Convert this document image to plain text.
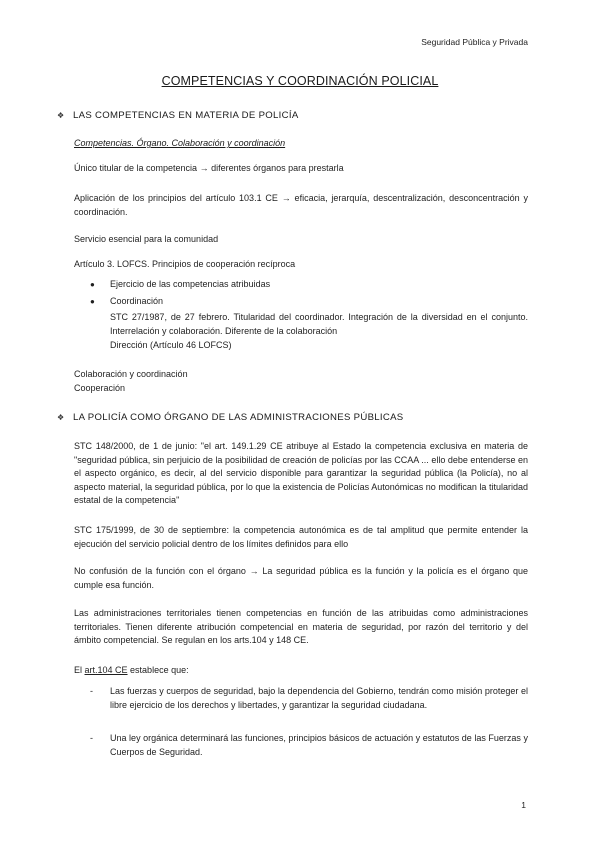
Seguridad Pública y Privada
COMPETENCIAS Y COORDINACIÓN POLICIAL
❖ LAS COMPETENCIAS EN MATERIA DE POLICÍA
Competencias. Órgano. Colaboración y coordinación
Único titular de la competencia → diferentes órganos para prestarla
Aplicación de los principios del artículo 103.1 CE → eficacia, jerarquía, descentralización, desconcentración y coordinación.
Servicio esencial para la comunidad
Artículo 3. LOFCS. Principios de cooperación recíproca
● Ejercicio de las competencias atribuidas
● Coordinación
STC 27/1987, de 27 febrero. Titularidad del coordinador. Integración de la diversidad en el conjunto. Interrelación y colaboración. Diferente de la colaboración
Dirección (Artículo 46 LOFCS)
Colaboración y coordinación
Cooperación
❖ LA POLICÍA COMO ÓRGANO DE LAS ADMINISTRACIONES PÚBLICAS
STC 148/2000, de 1 de junio: "el art. 149.1.29 CE atribuye al Estado la competencia exclusiva en materia de "seguridad pública, sin perjuicio de la posibilidad de creación de policías por las CCAA ... ello debe entenderse en el aspecto orgánico, es decir, al del servicio disponible para garantizar la seguridad pública (la Policía), no al aspecto material, la seguridad pública, por lo que la existencia de Policías Autonómicas no modifican la titularidad estatal de la competencia"
STC 175/1999, de 30 de septiembre: la competencia autonómica es de tal amplitud que permite entender la ejecución del servicio policial dentro de los límites definidos para ello
No confusión de la función con el órgano → La seguridad pública es la función y la policía es el órgano que cumple esa función.
Las administraciones territoriales tienen competencias en función de las atribuidas como administraciones territoriales. Tienen diferente atribución competencial en materia de seguridad, por razón del territorio y del ámbito competencial. Se regulan en los arts.104 y 148 CE.
El art.104 CE establece que:
- Las fuerzas y cuerpos de seguridad, bajo la dependencia del Gobierno, tendrán como misión proteger el libre ejercicio de los derechos y libertades, y garantizar la seguridad ciudadana.
- Una ley orgánica determinará las funciones, principios básicos de actuación y estatutos de las Fuerzas y Cuerpos de Seguridad.
1
